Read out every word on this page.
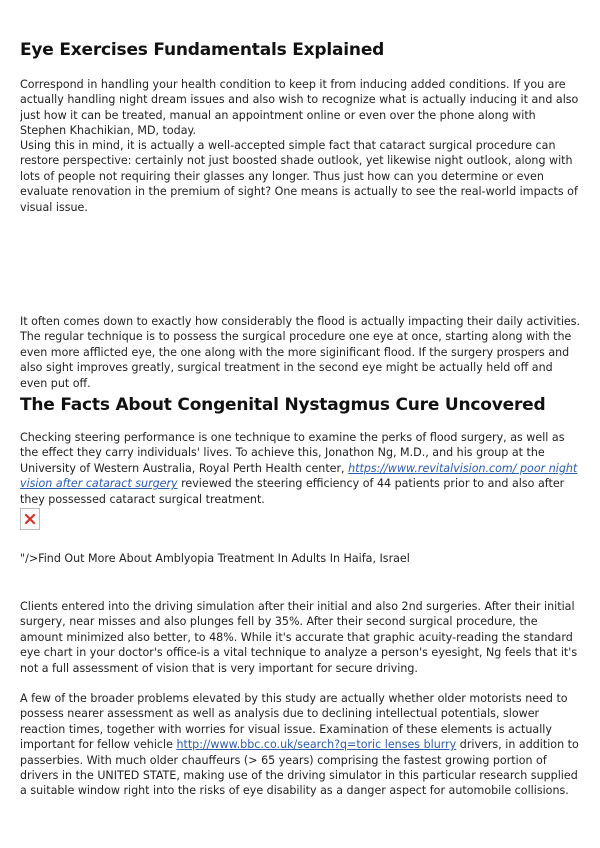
Eye Exercises Fundamentals Explained

Correspond in handling your health condition to keep it from inducing added conditions. If you are actually handling night dream issues and also wish to recognize what is actually inducing it and also just how it can be treated, manual an appointment online or even over the phone along with Stephen Khachikian, MD, today.

Using this in mind, it is actually a well-accepted simple fact that cataract surgical procedure can restore perspective: certainly not just boosted shade outlook, yet likewise night outlook, along with lots of people not requiring their glasses any longer. Thus just how can you determine or even evaluate renovation in the premium of sight? One means is actually to see the real-world impacts of visual issue.

It often comes down to exactly how considerably the flood is actually impacting their daily activities. The regular technique is to possess the surgical procedure one eye at once, starting along with the even more afflicted eye, the one along with the more siginificant flood. If the surgery prospers and also sight improves greatly, surgical treatment in the second eye might be actually held off and even put off.

The Facts About Congenital Nystagmus Cure Uncovered

Checking steering performance is one technique to examine the perks of flood surgery, as well as the effect they carry individuals' lives. To achieve this, Jonathon Ng, M.D., and his group at the University of Western Australia, Royal Perth Health center, https://www.revitalvision.com/ poor night vision after cataract surgery reviewed the steering efficiency of 44 patients prior to and also after they possessed cataract surgical treatment.

"/>Find Out More About Amblyopia Treatment In Adults In Haifa, Israel

Clients entered into the driving simulation after their initial and also 2nd surgeries. After their initial surgery, near misses and also plunges fell by 35%. After their second surgical procedure, the amount minimized also better, to 48%. While it's accurate that graphic acuity-reading the standard eye chart in your doctor's office-is a vital technique to analyze a person's eyesight, Ng feels that it's not a full assessment of vision that is very important for secure driving.

A few of the broader problems elevated by this study are actually whether older motorists need to possess nearer assessment as well as analysis due to declining intellectual potentials, slower reaction times, together with worries for visual issue. Examination of these elements is actually important for fellow vehicle http://www.bbc.co.uk/search?q=toric lenses blurry drivers, in addition to passerbies. With much older chauffeurs (> 65 years) comprising the fastest growing portion of drivers in the UNITED STATE, making use of the driving simulator in this particular research supplied a suitable window right into the risks of eye disability as a danger aspect for automobile collisions.
